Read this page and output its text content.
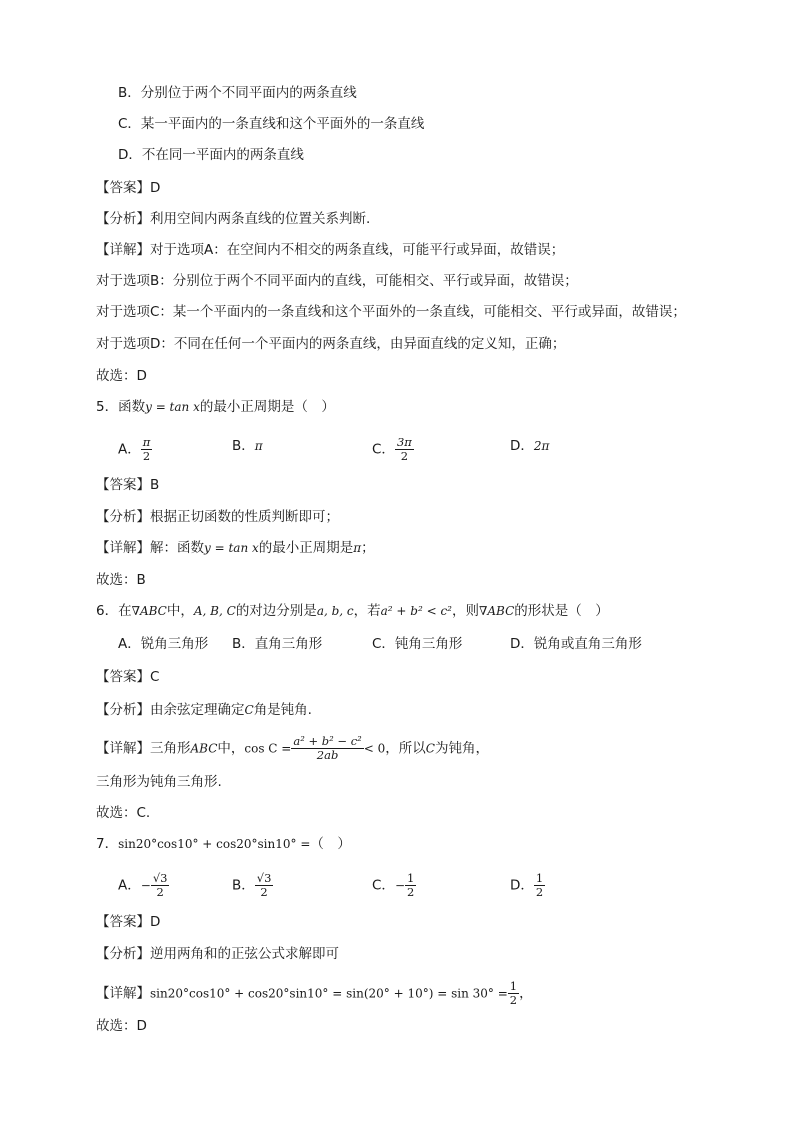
B．分别位于两个不同平面内的两条直线
C．某一平面内的一条直线和这个平面外的一条直线
D．不在同一平面内的两条直线
【答案】D
【分析】利用空间内两条直线的位置关系判断.
【详解】对于选项A：在空间内不相交的两条直线，可能平行或异面，故错误；
对于选项B：分别位于两个不同平面内的直线，可能相交、平行或异面，故错误；
对于选项C：某一个平面内的一条直线和这个平面外的一条直线，可能相交、平行或异面，故错误；
对于选项D：不同在任何一个平面内的两条直线，由异面直线的定义知，正确；
故选：D
5．函数y = tan x的最小正周期是（　）
A． $\frac{\pi}{2}$	B．π	C． $\frac{3\pi}{2}$	D．2π
【答案】B
【分析】根据正切函数的性质判断即可；
【详解】解：函数y = tan x的最小正周期是π；
故选：B
6．在∇ABC中，A, B, C的对边分别是a, b, c，若a² + b² < c²，则∇ABC的形状是（　）
A．锐角三角形 B．直角三角形	C．钝角三角形	D．锐角或直角三角形
【答案】C
【分析】由余弦定理确定C角是钝角.
【详解】三角形ABC中，$\cos C = \frac{\text{a² + b² − c²}}{2ab} < 0$，所以C为钝角，
三角形为钝角三角形.
故选：C.
7．sin20°cos10° + cos20°sin10° =（　）
A．− $\frac{√3}{2}$	B． $\frac{√3}{2}$	C．− $\frac{1}{2}$	D． $\frac{1}{2}$
【答案】D
【分析】逆用两角和的正弦公式求解即可
【详解】$\sin 20^\circ\cos 10^\circ + \cos 20^\circ\sin 10^\circ = \sin(20^\circ + 10^\circ) = \sin 30^\circ = \frac{1}{2}$ ，
故选：D
